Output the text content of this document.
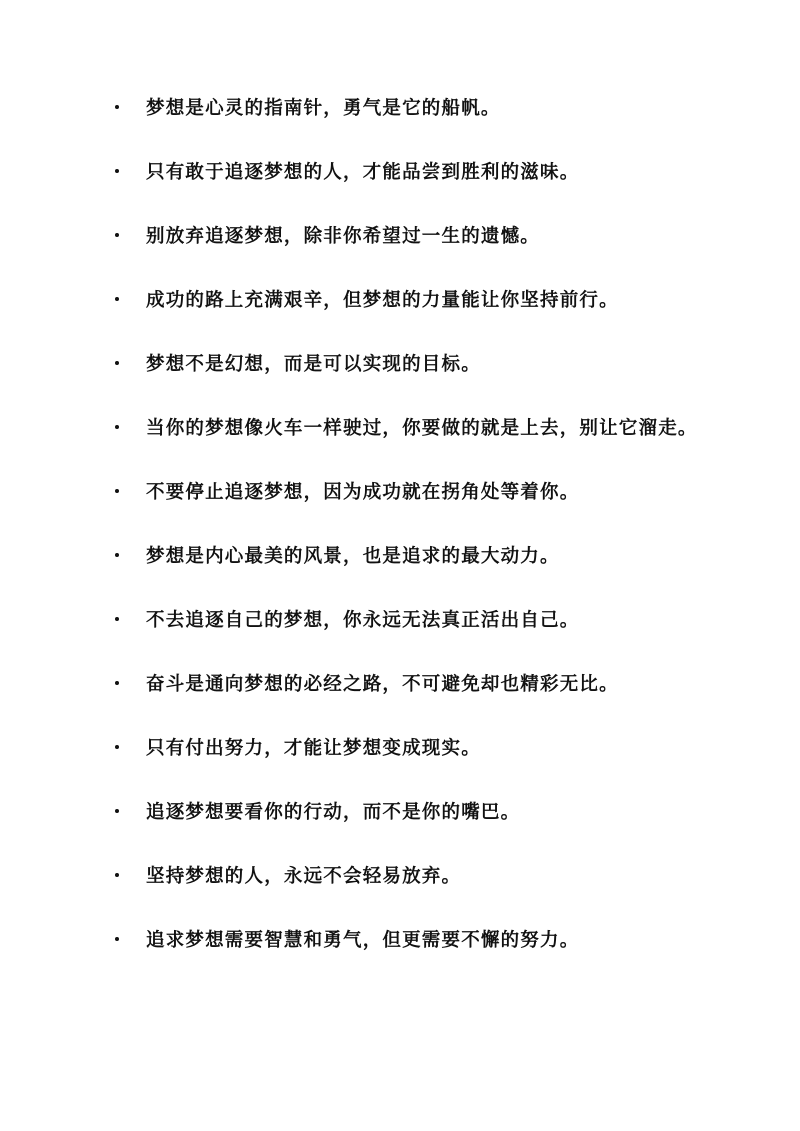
梦想是心灵的指南针，勇气是它的船帆。
只有敢于追逐梦想的人，才能品尝到胜利的滋味。
别放弃追逐梦想，除非你希望过一生的遗憾。
成功的路上充满艰辛，但梦想的力量能让你坚持前行。
梦想不是幻想，而是可以实现的目标。
当你的梦想像火车一样驶过，你要做的就是上去，别让它溜走。
不要停止追逐梦想，因为成功就在拐角处等着你。
梦想是内心最美的风景，也是追求的最大动力。
不去追逐自己的梦想，你永远无法真正活出自己。
奋斗是通向梦想的必经之路，不可避免却也精彩无比。
只有付出努力，才能让梦想变成现实。
追逐梦想要看你的行动，而不是你的嘴巴。
坚持梦想的人，永远不会轻易放弃。
追求梦想需要智慧和勇气，但更需要不懈的努力。
